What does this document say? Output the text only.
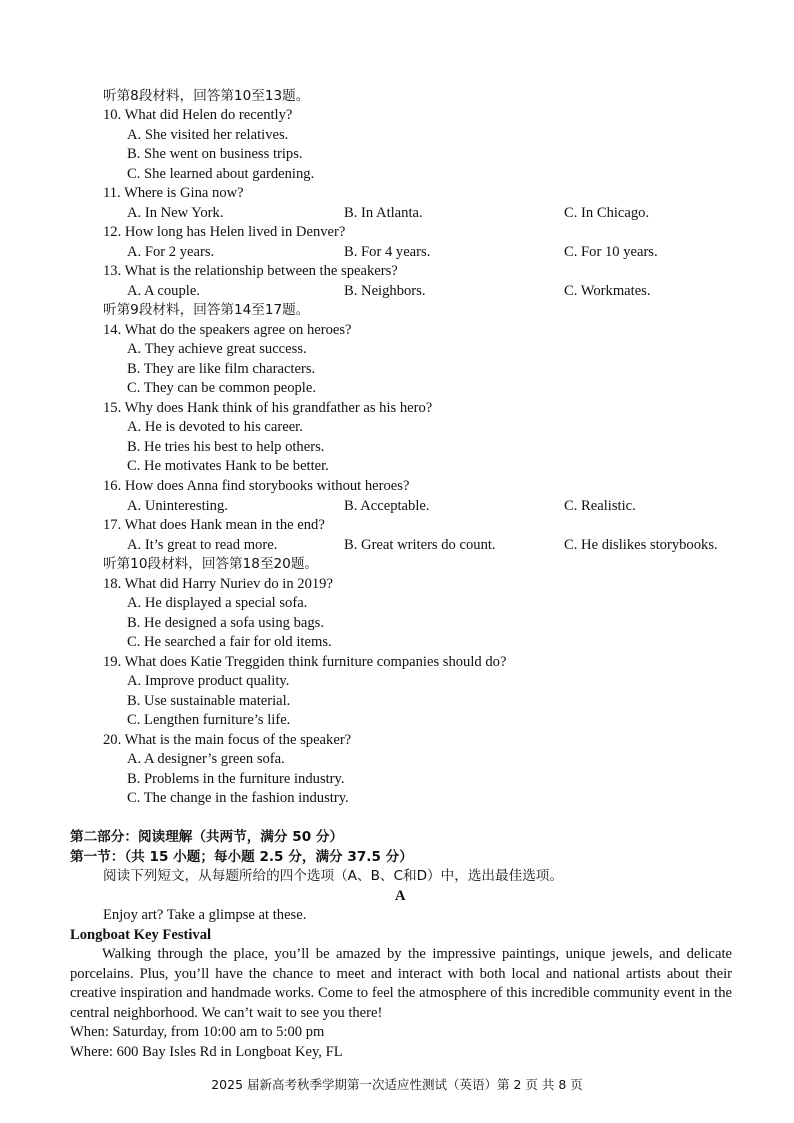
听第8段材料，回答第10至13题。
10. What did Helen do recently?
A. She visited her relatives.
B. She went on business trips.
C. She learned about gardening.
11. Where is Gina now?
A. In New York.	B. In Atlanta.	C. In Chicago.
12. How long has Helen lived in Denver?
A. For 2 years.	B. For 4 years.	C. For 10 years.
13. What is the relationship between the speakers?
A. A couple.	B. Neighbors.	C. Workmates.
听第9段材料，回答第14至17题。
14. What do the speakers agree on heroes?
A. They achieve great success.
B. They are like film characters.
C. They can be common people.
15. Why does Hank think of his grandfather as his hero?
A. He is devoted to his career.
B. He tries his best to help others.
C. He motivates Hank to be better.
16. How does Anna find storybooks without heroes?
A. Uninteresting.	B. Acceptable.	C. Realistic.
17. What does Hank mean in the end?
A. It’s great to read more.	B. Great writers do count.	C. He dislikes storybooks.
听第10段材料，回答第18至20题。
18. What did Harry Nuriev do in 2019?
A. He displayed a special sofa.
B. He designed a sofa using bags.
C. He searched a fair for old items.
19. What does Katie Treggiden think furniture companies should do?
A. Improve product quality.
B. Use sustainable material.
C. Lengthen furniture’s life.
20. What is the main focus of the speaker?
A. A designer’s green sofa.
B. Problems in the furniture industry.
C. The change in the fashion industry.
第二部分：阅读理解（共两节，满分 50 分）
第一节：（共 15 小题；每小题 2.5 分，满分 37.5 分）
阅读下列短文，从每题所给的四个选项（A、B、C和D）中，选出最佳选项。
A
Enjoy art? Take a glimpse at these.
Longboat Key Festival
Walking through the place, you’ll be amazed by the impressive paintings, unique jewels, and delicate porcelains. Plus, you’ll have the chance to meet and interact with both local and national artists about their creative inspiration and handmade works. Come to feel the atmosphere of this incredible community event in the central neighborhood. We can’t wait to see you there!
When: Saturday, from 10:00 am to 5:00 pm
Where: 600 Bay Isles Rd in Longboat Key, FL
2025 届新高考秋季学期第一次适应性测试（英语）第 2 页 共 8 页
